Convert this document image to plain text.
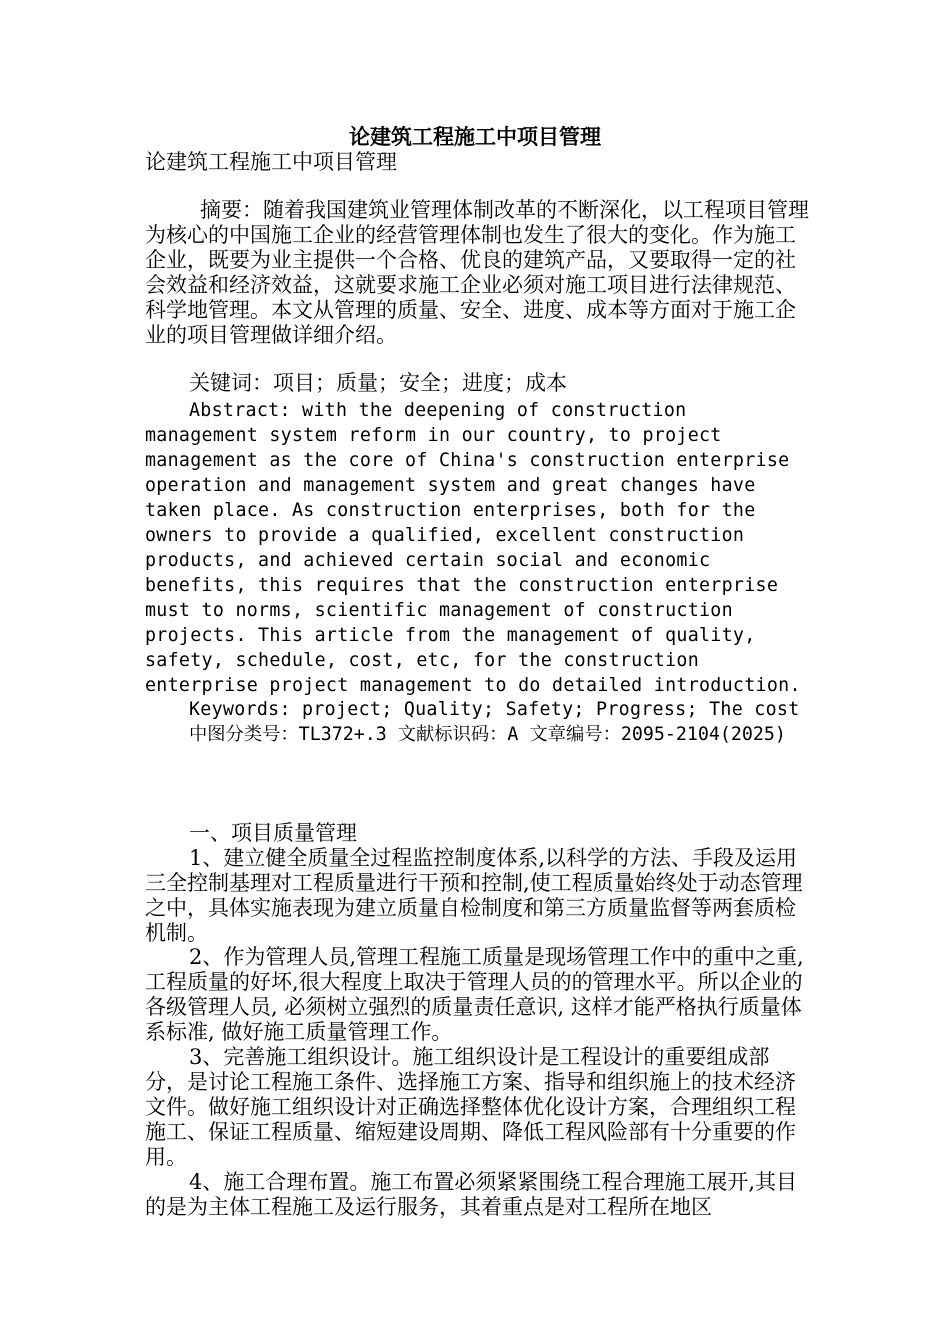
论建筑工程施工中项目管理

论建筑工程施工中项目管理

摘要：随着我国建筑业管理体制改革的不断深化，以工程项目管理为核心的中国施工企业的经营管理体制也发生了很大的变化。作为施工企业，既要为业主提供一个合格、优良的建筑产品，又要取得一定的社会效益和经济效益，这就要求施工企业必须对施工项目进行法律规范、科学地管理。本文从管理的质量、安全、进度、成本等方面对于施工企业的项目管理做详细介绍。

关键词：项目；质量；安全；进度；成本

Abstract: with the deepening of construction management system reform in our country, to project management as the core of China's construction enterprise operation and management system and great changes have taken place. As construction enterprises, both for the owners to provide a qualified, excellent construction products, and achieved certain social and economic benefits, this requires that the construction enterprise must to norms, scientific management of construction projects. This article from the management of quality, safety, schedule, cost, etc, for the construction enterprise project management to do detailed introduction.

Keywords: project; Quality; Safety; Progress; The cost

中图分类号：TL372+.3 文献标识码：A 文章编号：2095-2104(2025)

一、项目质量管理

1、建立健全质量全过程监控制度体系,以科学的方法、手段及运用三全控制基理对工程质量进行干预和控制,使工程质量始终处于动态管理之中，具体实施表现为建立质量自检制度和第三方质量监督等两套质检机制。

2、作为管理人员,管理工程施工质量是现场管理工作中的重中之重,工程质量的好坏,很大程度上取决于管理人员的的管理水平。所以企业的各级管理人员, 必须树立强烈的质量责任意识, 这样才能严格执行质量体系标准, 做好施工质量管理工作。

3、完善施工组织设计。施工组织设计是工程设计的重要组成部分，是讨论工程施工条件、选择施工方案、指导和组织施上的技术经济文件。做好施工组织设计对正确选择整体优化设计方案，合理组织工程施工、保证工程质量、缩短建设周期、降低工程风险部有十分重要的作用。

4、施工合理布置。施工布置必须紧紧围绕工程合理施工展开,其目的是为主体工程施工及运行服务，其着重点是对工程所在地区
